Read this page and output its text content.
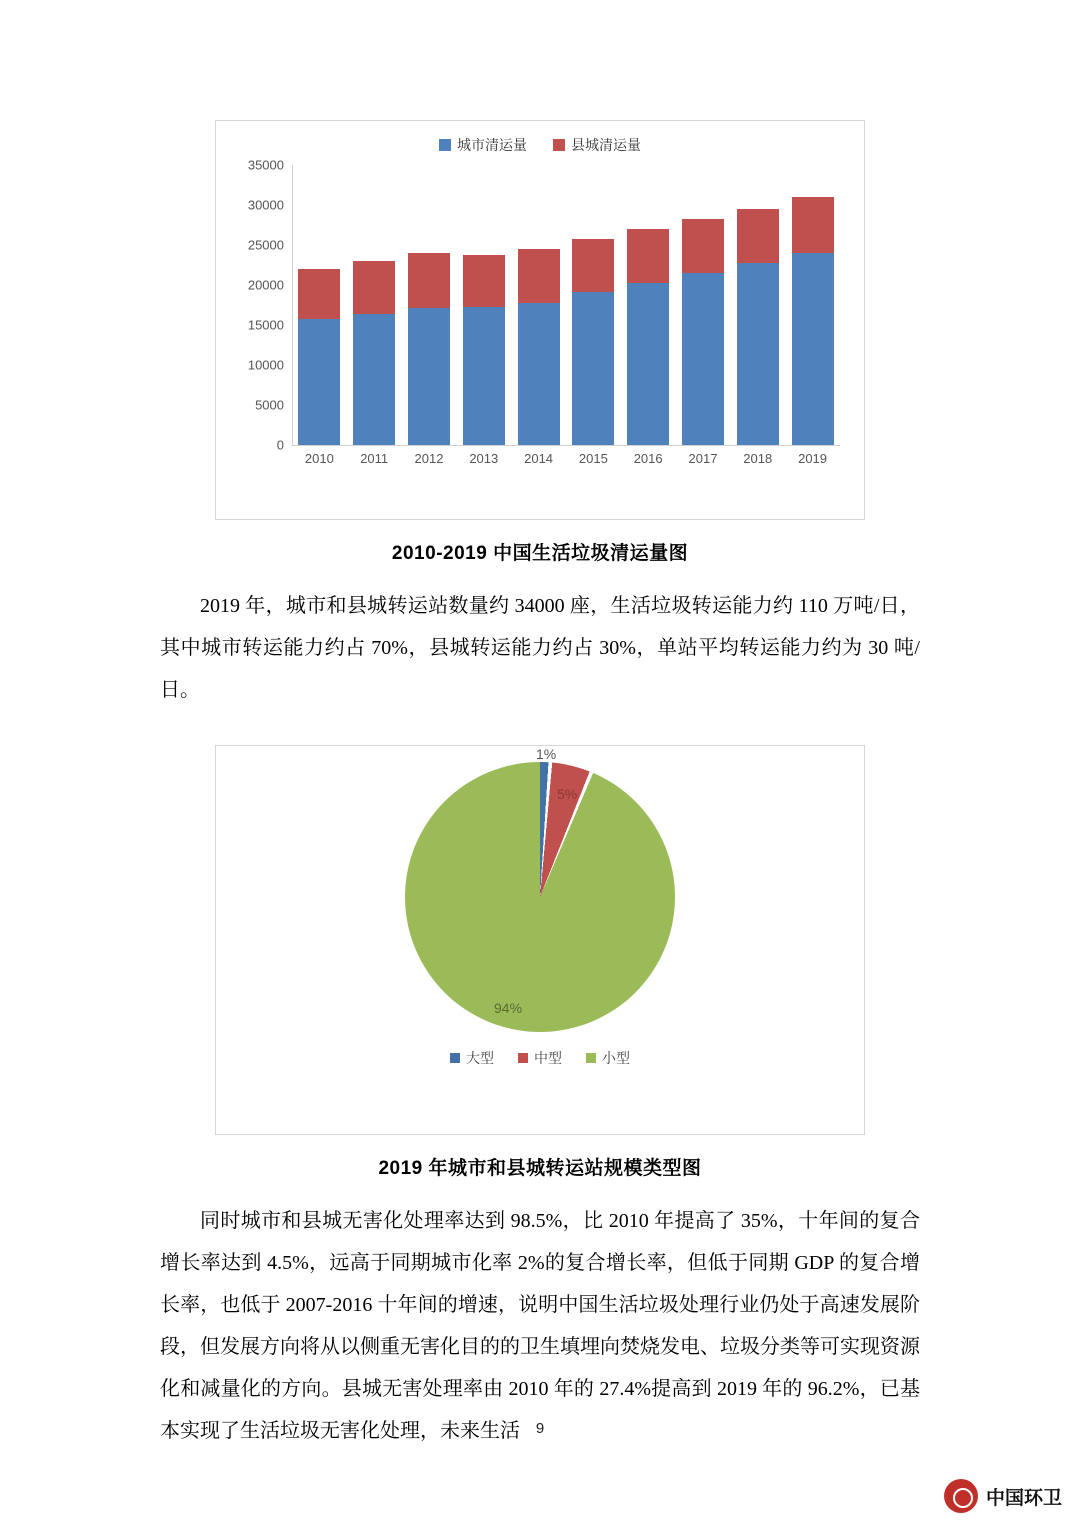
城市清运量	县城清运量
35000
30000
25000
20000
15000
10000
5000
0
2010	2011	2012	2013	2014	2015	2016	2017	2018	2019
2010-2019 中国生活垃圾清运量图

2019 年，城市和县城转运站数量约 34000 座，生活垃圾转运能力约 110 万吨/日，其中城市转运能力约占 70%，县城转运能力约占 30%，单站平均转运能力约为 30 吨/日。

1%
5%
94%
大型	中型	小型
2019 年城市和县城转运站规模类型图

同时城市和县城无害化处理率达到 98.5%，比 2010 年提高了 35%，十年间的复合增长率达到 4.5%，远高于同期城市化率 2%的复合增长率，但低于同期 GDP 的复合增长率，也低于 2007-2016 十年间的增速，说明中国生活垃圾处理行业仍处于高速发展阶段，但发展方向将从以侧重无害化目的的卫生填埋向焚烧发电、垃圾分类等可实现资源化和减量化的方向。县城无害处理率由 2010 年的 27.4%提高到 2019 年的 96.2%，已基本实现了生活垃圾无害化处理，未来生活	9
中国环卫
